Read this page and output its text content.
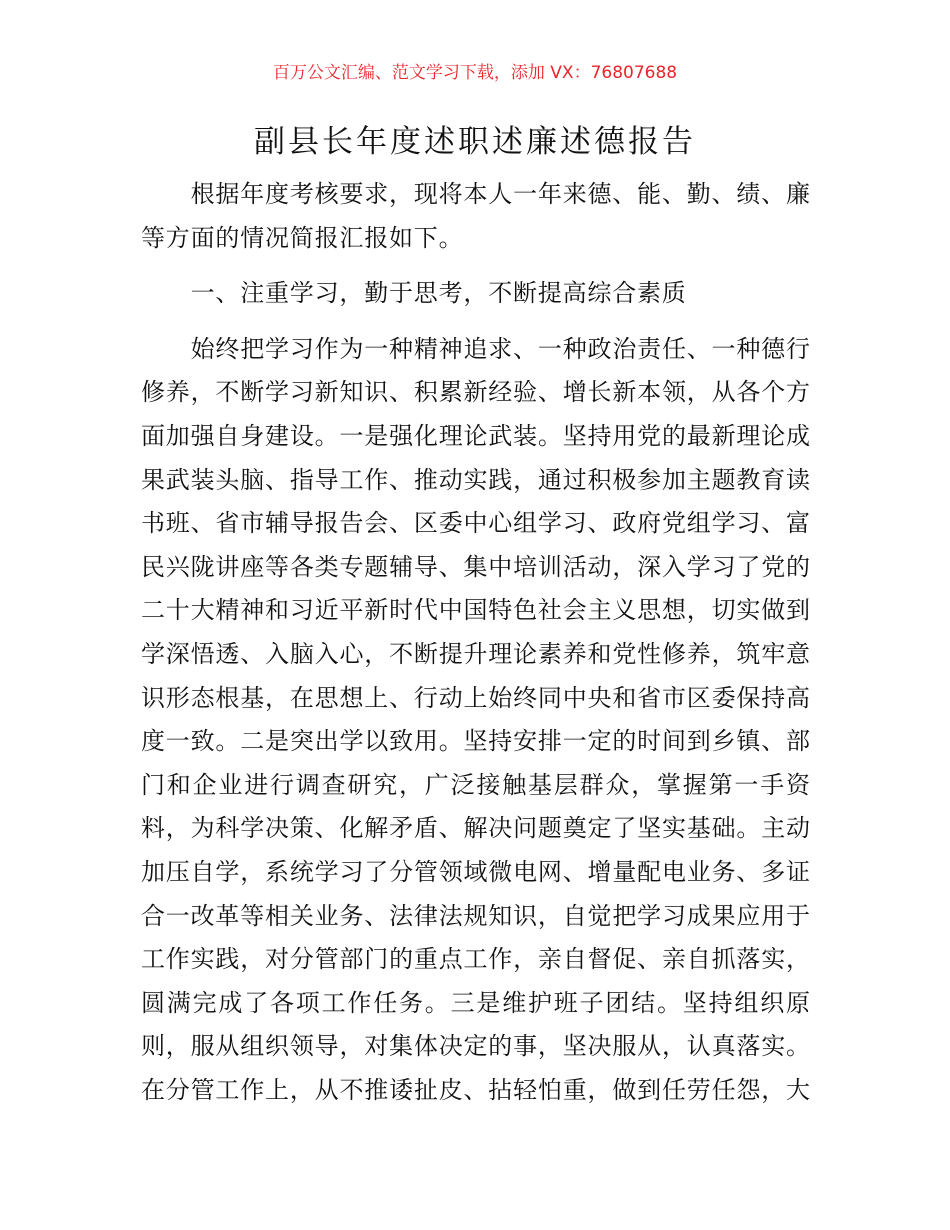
百万公文汇编、范文学习下载，添加 VX：76807688
副县长年度述职述廉述德报告
根据年度考核要求，现将本人一年来德、能、勤、绩、廉
等方面的情况简报汇报如下。
一、注重学习，勤于思考，不断提高综合素质
始终把学习作为一种精神追求、一种政治责任、一种德行
修养，不断学习新知识、积累新经验、增长新本领，从各个方
面加强自身建设。一是强化理论武装。坚持用党的最新理论成
果武装头脑、指导工作、推动实践，通过积极参加主题教育读
书班、省市辅导报告会、区委中心组学习、政府党组学习、富
民兴陇讲座等各类专题辅导、集中培训活动，深入学习了党的
二十大精神和习近平新时代中国特色社会主义思想，切实做到
学深悟透、入脑入心，不断提升理论素养和党性修养，筑牢意
识形态根基，在思想上、行动上始终同中央和省市区委保持高
度一致。二是突出学以致用。坚持安排一定的时间到乡镇、部
门和企业进行调查研究，广泛接触基层群众，掌握第一手资
料，为科学决策、化解矛盾、解决问题奠定了坚实基础。主动
加压自学，系统学习了分管领域微电网、增量配电业务、多证
合一改革等相关业务、法律法规知识，自觉把学习成果应用于
工作实践，对分管部门的重点工作，亲自督促、亲自抓落实，
圆满完成了各项工作任务。三是维护班子团结。坚持组织原
则，服从组织领导，对集体决定的事，坚决服从，认真落实。
在分管工作上，从不推诿扯皮、拈轻怕重，做到任劳任怨，大
